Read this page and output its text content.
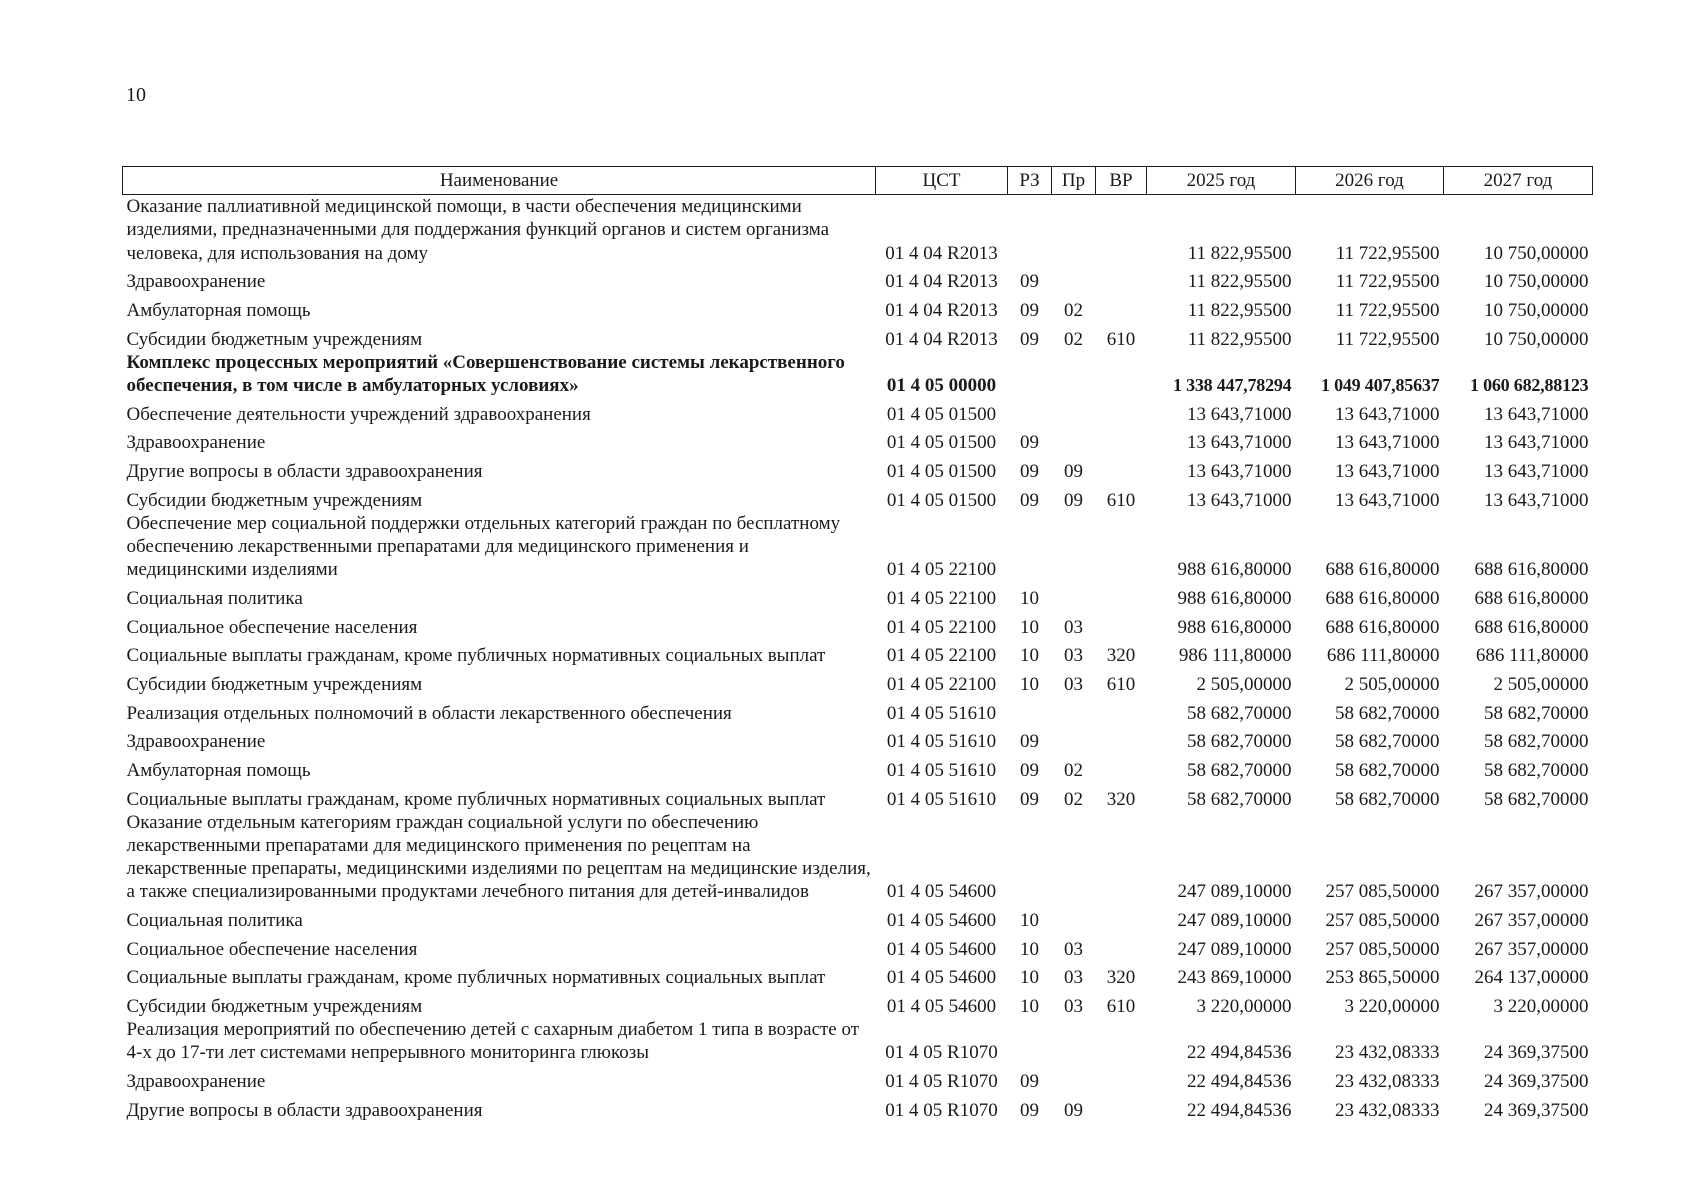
10
Наименование	ЦСТ	РЗ	Пр	ВР	2025 год	2026 год	2027 год
Оказание паллиативной медицинской помощи, в части обеспечения медицинскими изделиями, предназначенными для поддержания функций органов и систем организма человека, для использования на дому	01 4 04 R2013				11 822,95500	11 722,95500	10 750,00000
Здравоохранение	01 4 04 R2013	09			11 822,95500	11 722,95500	10 750,00000
Амбулаторная помощь	01 4 04 R2013	09	02		11 822,95500	11 722,95500	10 750,00000
Субсидии бюджетным учреждениям	01 4 04 R2013	09	02	610	11 822,95500	11 722,95500	10 750,00000
Комплекс процессных мероприятий «Совершенствование системы лекарственного обеспечения, в том числе в амбулаторных условиях»	01 4 05 00000				1 338 447,78294	1 049 407,85637	1 060 682,88123
Обеспечение деятельности учреждений здравоохранения	01 4 05 01500				13 643,71000	13 643,71000	13 643,71000
Здравоохранение	01 4 05 01500	09			13 643,71000	13 643,71000	13 643,71000
Другие вопросы в области здравоохранения	01 4 05 01500	09	09		13 643,71000	13 643,71000	13 643,71000
Субсидии бюджетным учреждениям	01 4 05 01500	09	09	610	13 643,71000	13 643,71000	13 643,71000
Обеспечение мер социальной поддержки отдельных категорий граждан по бесплатному обеспечению лекарственными препаратами для медицинского применения и медицинскими изделиями	01 4 05 22100				988 616,80000	688 616,80000	688 616,80000
Социальная политика	01 4 05 22100	10			988 616,80000	688 616,80000	688 616,80000
Социальное обеспечение населения	01 4 05 22100	10	03		988 616,80000	688 616,80000	688 616,80000
Социальные выплаты гражданам, кроме публичных нормативных социальных выплат	01 4 05 22100	10	03	320	986 111,80000	686 111,80000	686 111,80000
Субсидии бюджетным учреждениям	01 4 05 22100	10	03	610	2 505,00000	2 505,00000	2 505,00000
Реализация отдельных полномочий в области лекарственного обеспечения	01 4 05 51610				58 682,70000	58 682,70000	58 682,70000
Здравоохранение	01 4 05 51610	09			58 682,70000	58 682,70000	58 682,70000
Амбулаторная помощь	01 4 05 51610	09	02		58 682,70000	58 682,70000	58 682,70000
Социальные выплаты гражданам, кроме публичных нормативных социальных выплат	01 4 05 51610	09	02	320	58 682,70000	58 682,70000	58 682,70000
Оказание отдельным категориям граждан социальной услуги по обеспечению лекарственными препаратами для медицинского применения по рецептам на лекарственные препараты, медицинскими изделиями по рецептам на медицинские изделия, а также специализированными продуктами лечебного питания для детей-инвалидов	01 4 05 54600				247 089,10000	257 085,50000	267 357,00000
Социальная политика	01 4 05 54600	10			247 089,10000	257 085,50000	267 357,00000
Социальное обеспечение населения	01 4 05 54600	10	03		247 089,10000	257 085,50000	267 357,00000
Социальные выплаты гражданам, кроме публичных нормативных социальных выплат	01 4 05 54600	10	03	320	243 869,10000	253 865,50000	264 137,00000
Субсидии бюджетным учреждениям	01 4 05 54600	10	03	610	3 220,00000	3 220,00000	3 220,00000
Реализация мероприятий по обеспечению детей с сахарным диабетом 1 типа в возрасте от 4-х до 17-ти лет системами непрерывного мониторинга глюкозы	01 4 05 R1070				22 494,84536	23 432,08333	24 369,37500
Здравоохранение	01 4 05 R1070	09			22 494,84536	23 432,08333	24 369,37500
Другие вопросы в области здравоохранения	01 4 05 R1070	09	09		22 494,84536	23 432,08333	24 369,37500
